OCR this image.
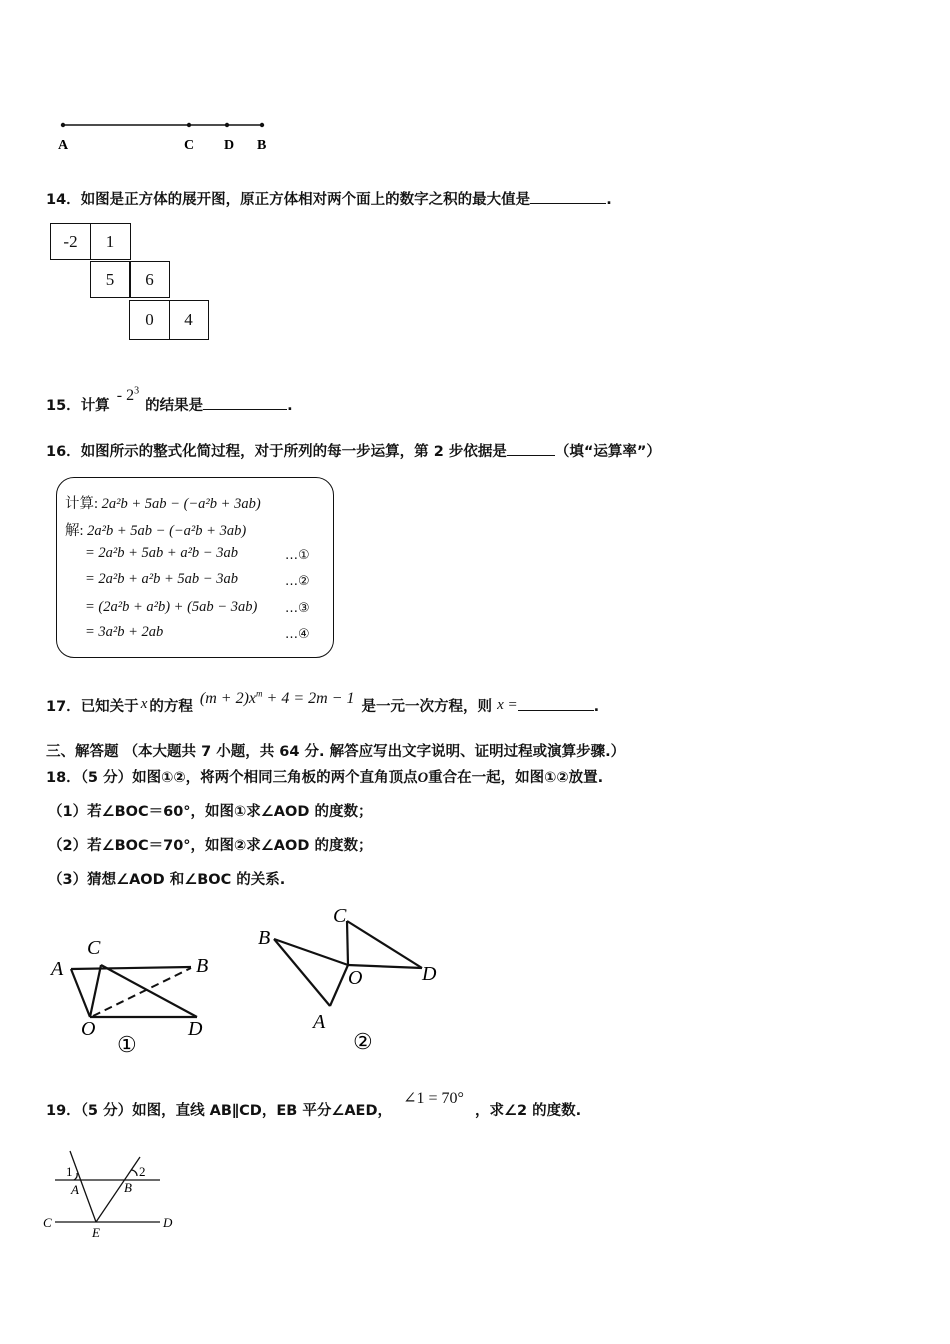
A	C D B
14．如图是正方体的展开图，原正方体相对两个面上的数字之积的最大值是	.
-2	1
5	6
0	4
15．计算 - $2^3$ 的结果是	.
16．如图所示的整式化简过程，对于所列的每一步运算，第 2 步依据是	（填“运算率”）
计算: 2a²b + 5ab − (−a²b + 3ab)
解: 2a²b + 5ab − (−a²b + 3ab)
= 2a²b + 5ab + a²b − 3ab	…①
= 2a²b + a²b + 5ab − 3ab	…②
= (2a²b + a²b) + (5ab − 3ab) …③
= 3a²b + 2ab	…④
17．已知关于 x 的方程 $(m + 2)x^m + 4 = 2m - 1$ 是一元一次方程，则 x =	.
三、解答题 （本大题共 7 小题，共 64 分. 解答应写出文字说明、证明过程或演算步骤.）
18．（5 分）如图①②，将两个相同三角板的两个直角顶点O重合在一起，如图①②放置.
（1）若∠BOC＝60°，如图①求∠AOD 的度数；
（2）若∠BOC＝70°，如图②求∠AOD 的度数；
（3）猜想∠AOD 和∠BOC 的关系.
A
C
B
O	D
①
C
B
O	D
A
②
19．（5 分）如图，直线 AB∥CD，EB 平分∠AED， ∠1 = 70° ，求∠2 的度数.
1	2
A	B
C
E
D
